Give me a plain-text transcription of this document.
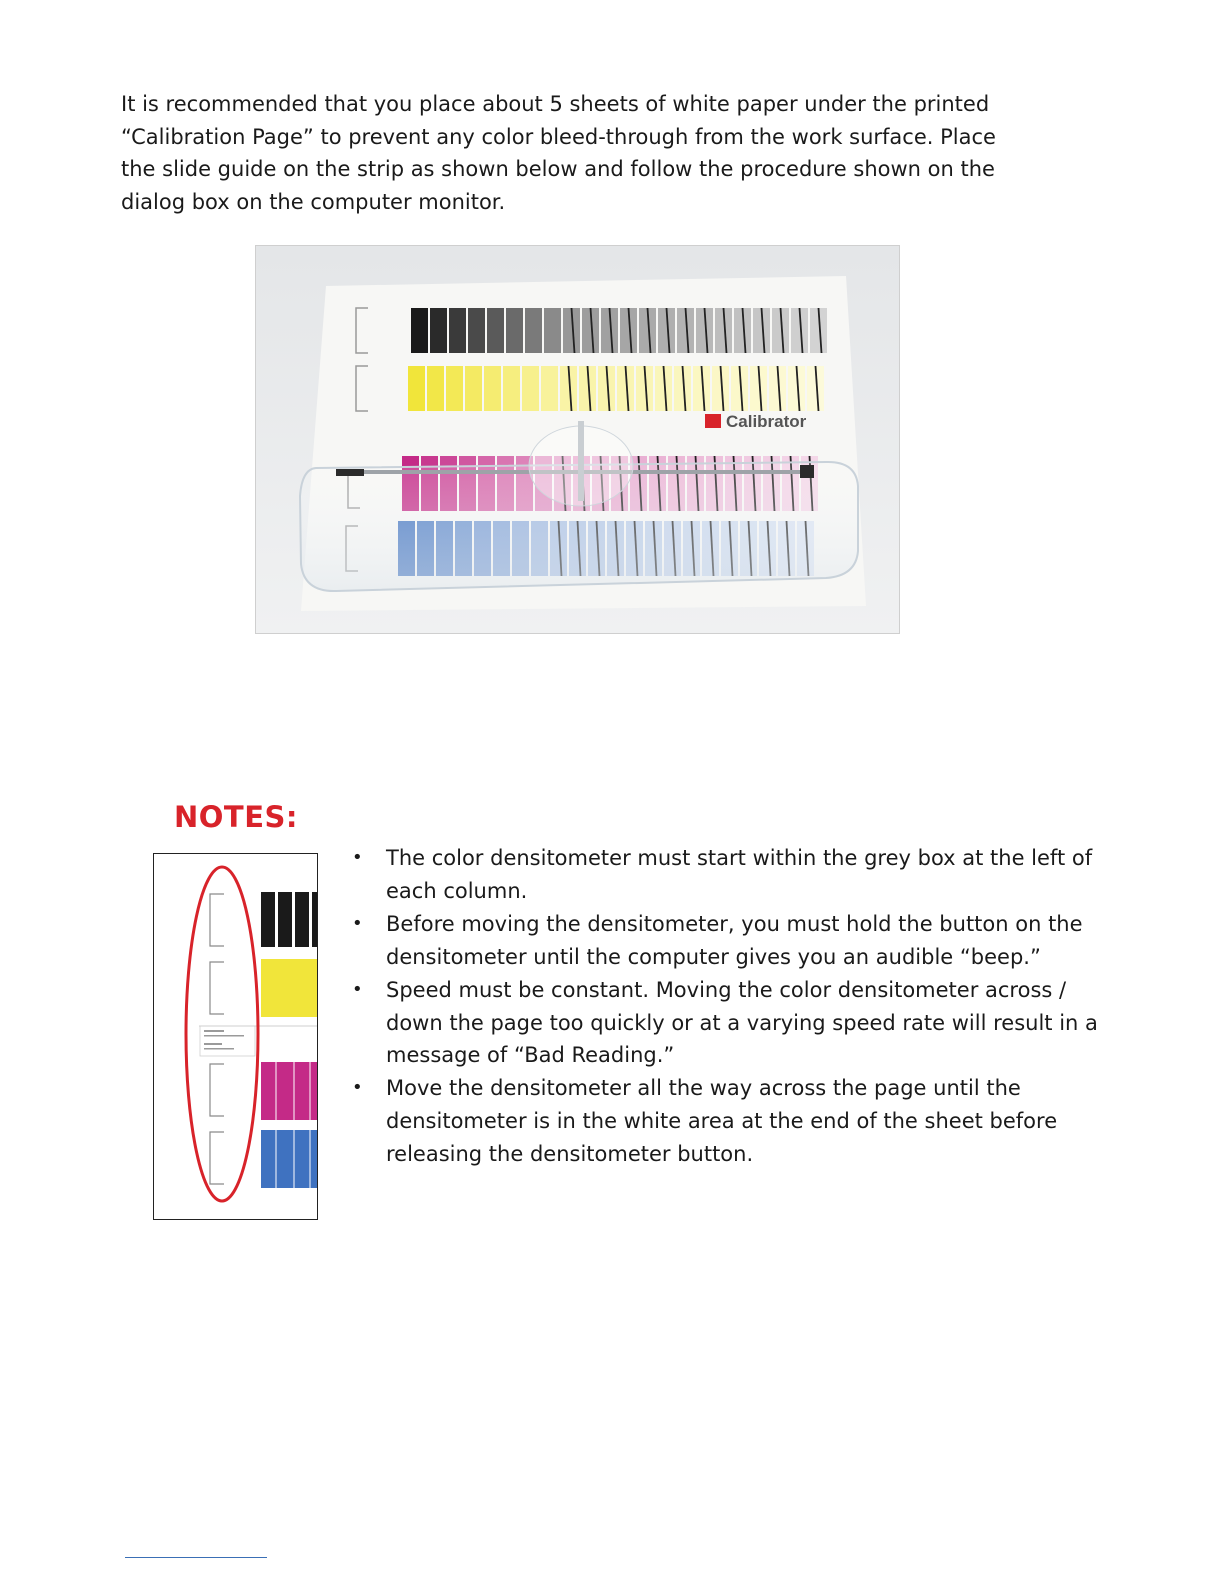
It is recommended that you place about 5 sheets of white paper under the printed
“Calibration Page” to prevent any color bleed-through from the work surface. Place
the slide guide on the strip as shown below and follow the procedure shown on the
dialog box on the computer monitor.

Calibrator
NOTES:
• The color densitometer must start within the grey box at the left of each column.
• Before moving the densitometer, you must hold the button on the densitometer until the computer gives you an audible “beep.”
• Speed must be constant. Moving the color densitometer across / down the page too quickly or at a varying speed rate will result in a message of “Bad Reading.”
• Move the densitometer all the way across the page until the densitometer is in the white area at the end of the sheet before releasing the densitometer button.
